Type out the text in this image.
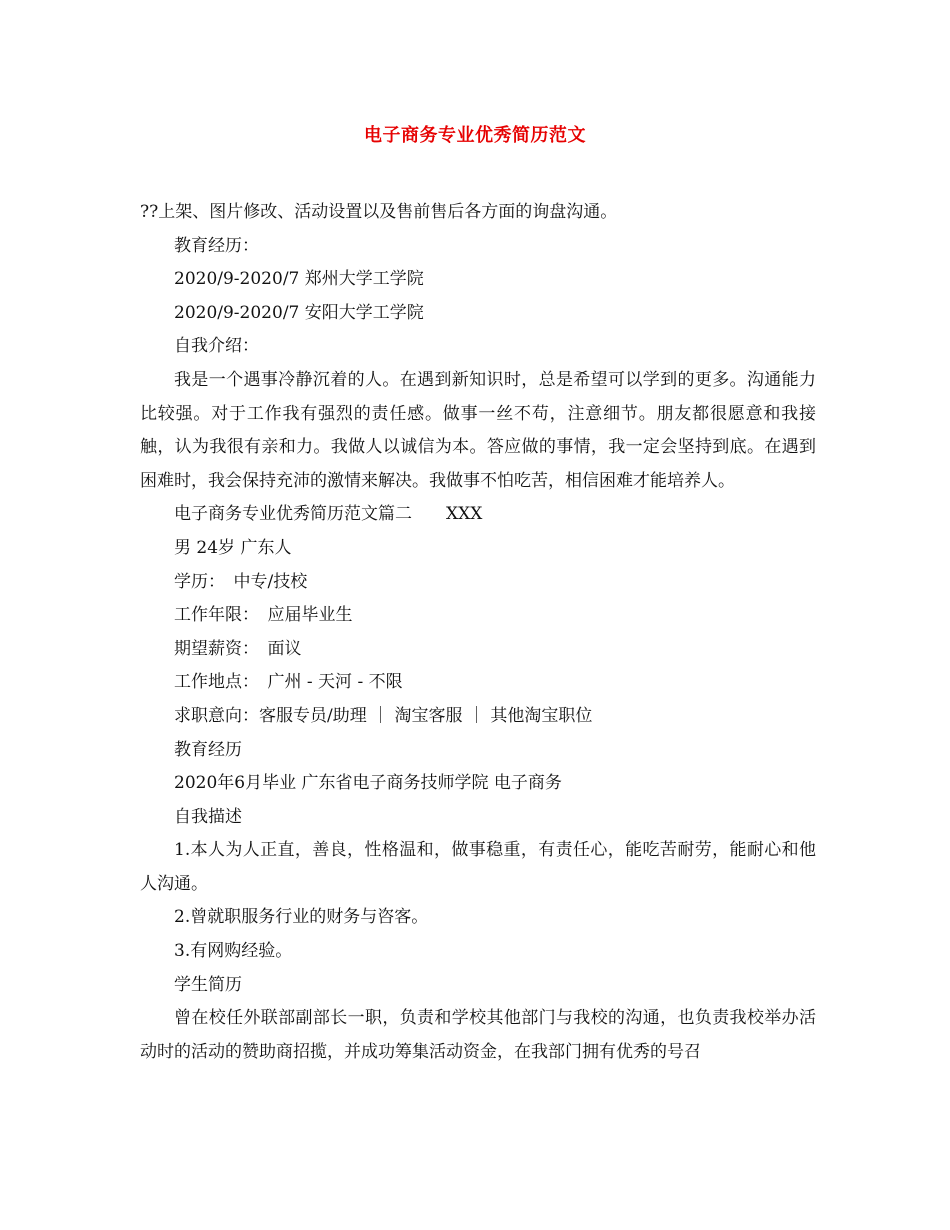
电子商务专业优秀简历范文

??上架、图片修改、活动设置以及售前售后各方面的询盘沟通。

教育经历：

2020/9-2020/7 郑州大学工学院

2020/9-2020/7 安阳大学工学院

自我介绍：

我是一个遇事冷静沉着的人。在遇到新知识时，总是希望可以学到的更多。沟通能力比较强。对于工作我有强烈的责任感。做事一丝不苟，注意细节。朋友都很愿意和我接触，认为我很有亲和力。我做人以诚信为本。答应做的事情，我一定会坚持到底。在遇到困难时，我会保持充沛的激情来解决。我做事不怕吃苦，相信困难才能培养人。

电子商务专业优秀简历范文篇二　　XXX

男 24岁 广东人

学历：　中专/技校

工作年限：　应届毕业生

期望薪资：　面议

工作地点：　广州 - 天河 - 不限

求职意向：客服专员/助理 ｜ 淘宝客服 ｜ 其他淘宝职位

教育经历

2020年6月毕业 广东省电子商务技师学院 电子商务

自我描述

1.本人为人正直，善良，性格温和，做事稳重，有责任心，能吃苦耐劳，能耐心和他人沟通。

2.曾就职服务行业的财务与咨客。

3.有网购经验。

学生简历

曾在校任外联部副部长一职，负责和学校其他部门与我校的沟通，也负责我校举办活动时的活动的赞助商招揽，并成功筹集活动资金，在我部门拥有优秀的号召
